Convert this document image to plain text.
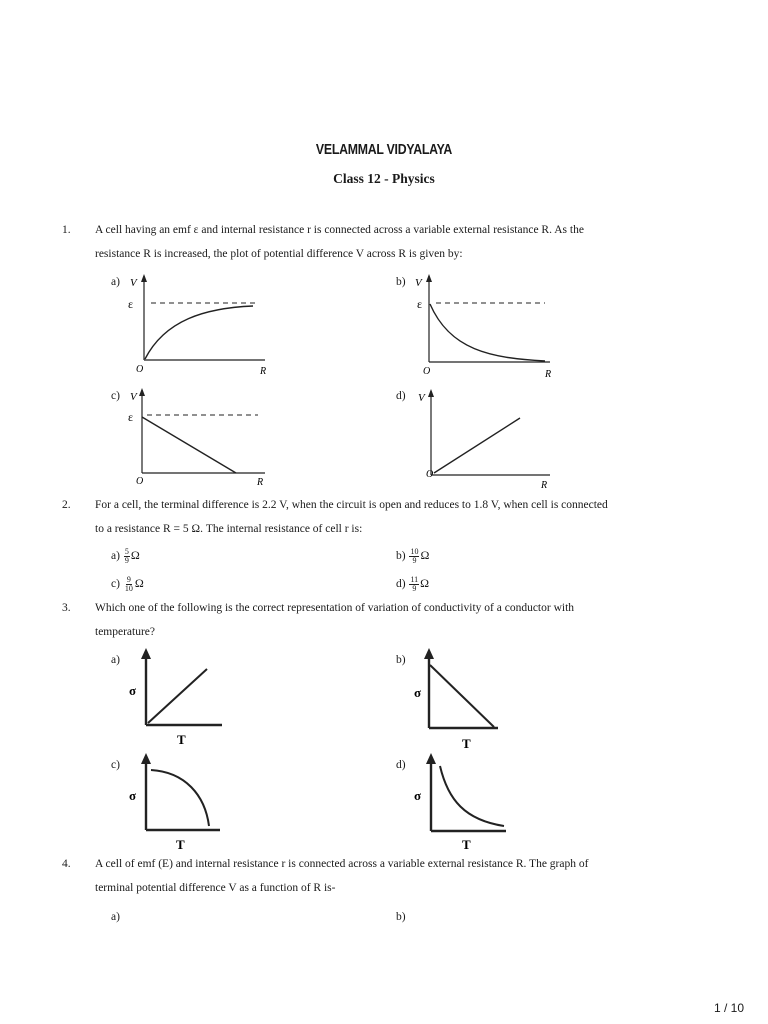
VELAMMAL VIDYALAYA
Class 12 - Physics
1. A cell having an emf ε and internal resistance r is connected across a variable external resistance R. As the
resistance R is increased, the plot of potential difference V across R is given by:
a) V
ε
O	R
b) V
ε
O	R
c) V
ε
O	R
d) V
O
R
2. For a cell, the terminal difference is 2.2 V, when the circuit is open and reduces to 1.8 V, when cell is connected
to a resistance R = 5 Ω. The internal resistance of cell r is:
$a) \frac{5}{9}$ Ω	$b) \frac{10}{9}$ Ω
$c) \frac{9}{10}$ Ω	$d) \frac{11}{9}$ Ω
3. Which one of the following is the correct representation of variation of conductivity of a conductor with
temperature?
a)
σ
T
b)
σ
T
c)
σ
T
d)
σ
T
4. A cell of emf (E) and internal resistance r is connected across a variable external resistance R. The graph of
terminal potential difference V as a function of R is-
a)	b)
1 / 10
